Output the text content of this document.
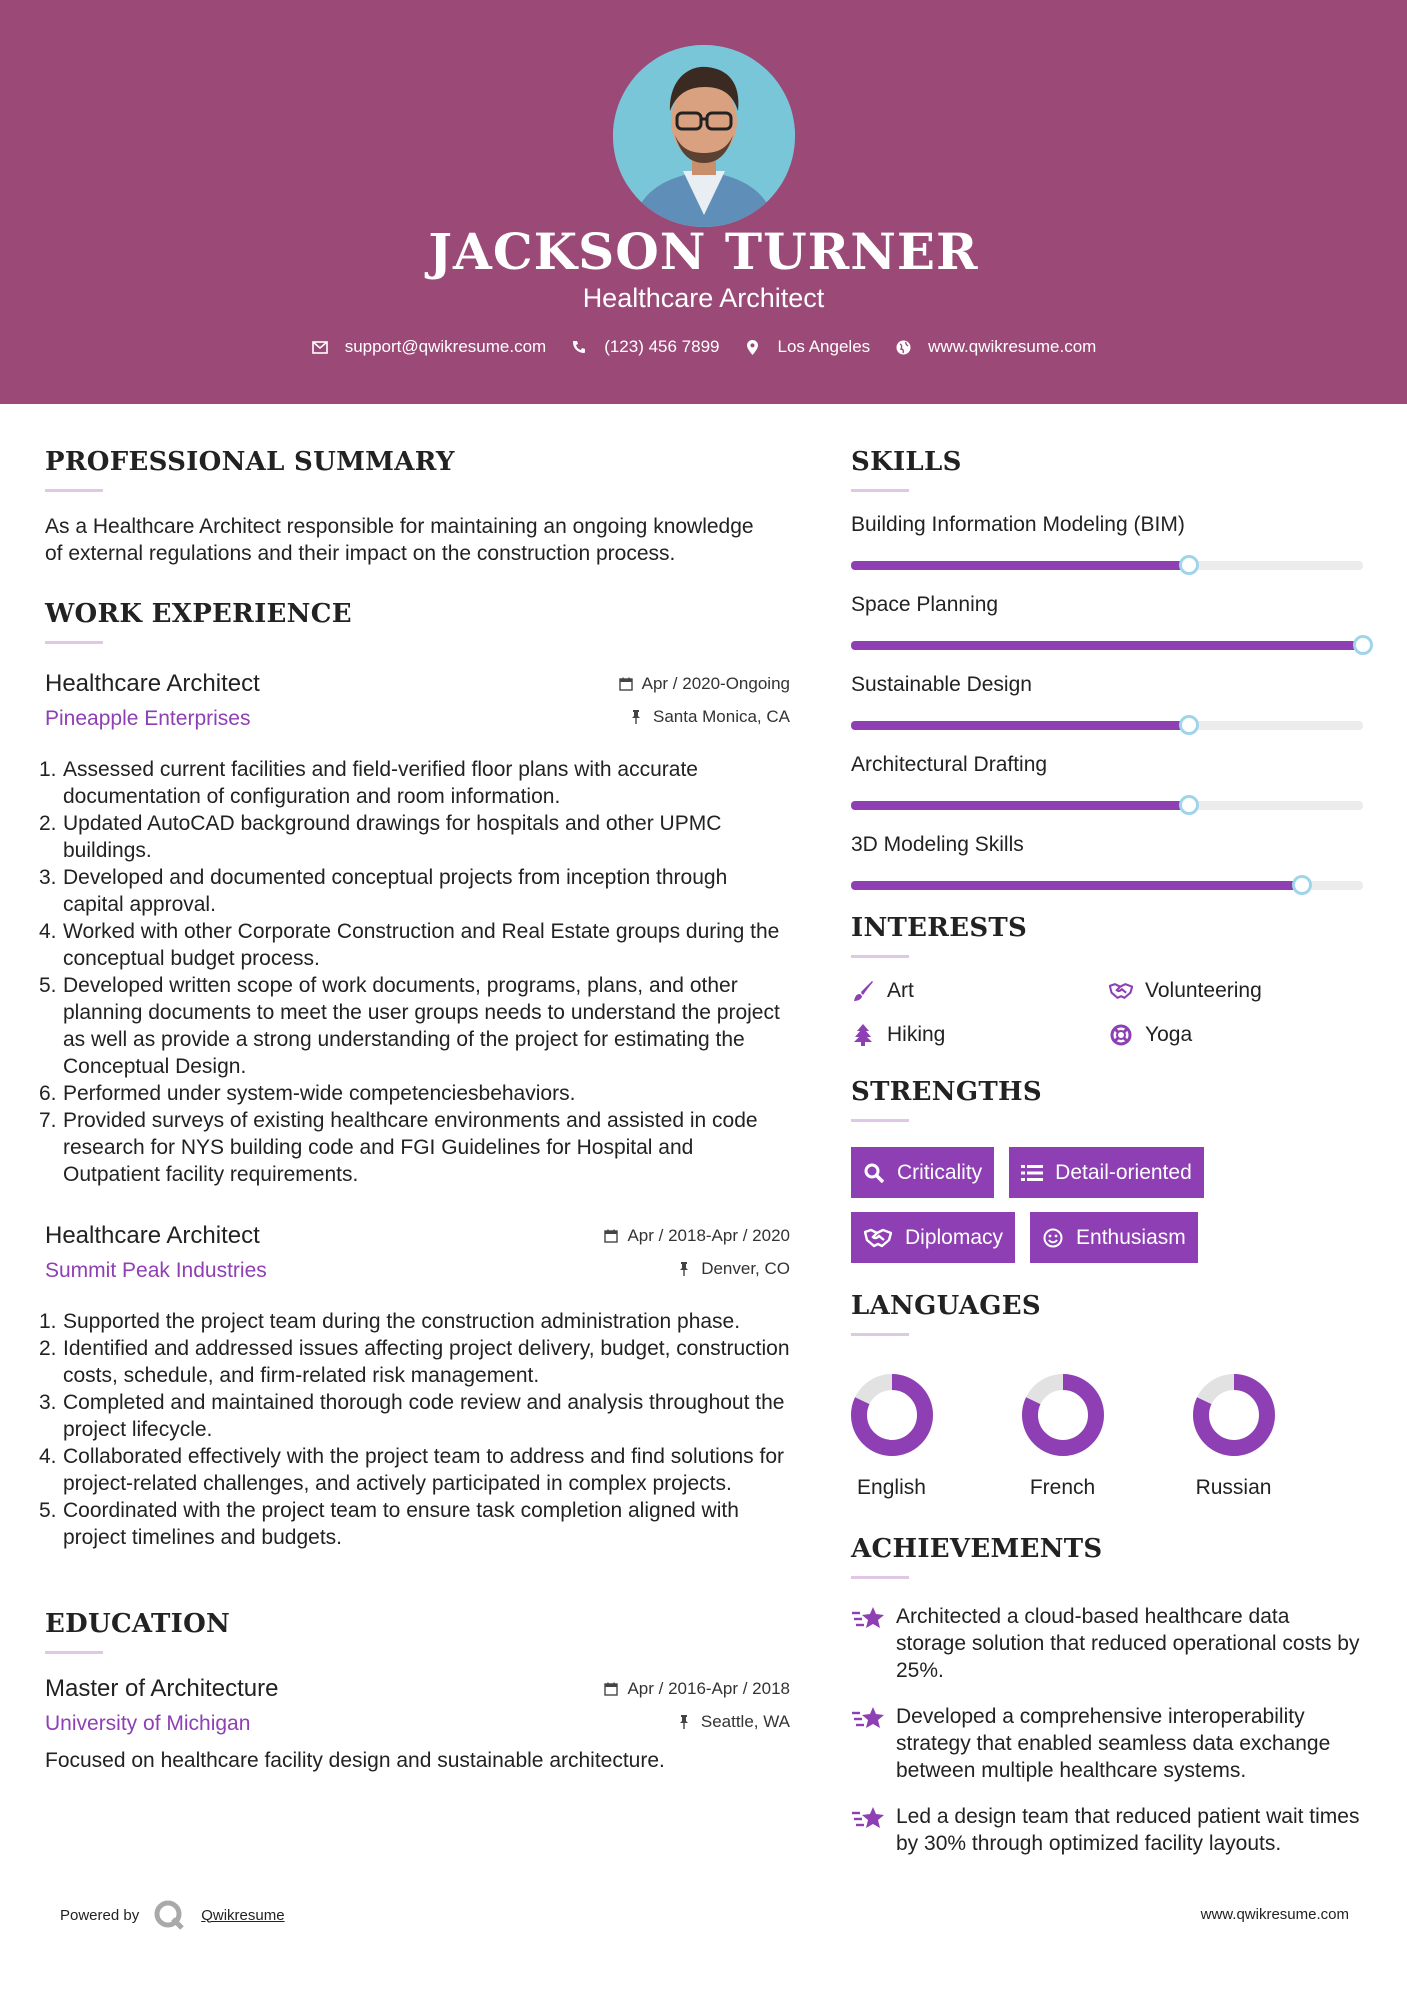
JACKSON TURNER
Healthcare Architect
support@qwikresume.com	(123) 456 7899	Los Angeles	www.qwikresume.com
PROFESSIONAL SUMMARY

As a Healthcare Architect responsible for maintaining an ongoing knowledge of external regulations and their impact on the construction process.

WORK EXPERIENCE
Healthcare Architect
Pineapple Enterprises
Apr / 2020-Ongoing
Santa Monica, CA
1. Assessed current facilities and field-verified floor plans with accurate documentation of configuration and room information.
2. Updated AutoCAD background drawings for hospitals and other UPMC buildings.
3. Developed and documented conceptual projects from inception through capital approval.
4. Worked with other Corporate Construction and Real Estate groups during the conceptual budget process.
5. Developed written scope of work documents, programs, plans, and other planning documents to meet the user groups needs to understand the project as well as provide a strong understanding of the project for estimating the Conceptual Design.
6. Performed under system-wide competenciesbehaviors.
7. Provided surveys of existing healthcare environments and assisted in code research for NYS building code and FGI Guidelines for Hospital and Outpatient facility requirements.
Healthcare Architect
Summit Peak Industries
Apr / 2018-Apr / 2020
Denver, CO
1. Supported the project team during the construction administration phase.
2. Identified and addressed issues affecting project delivery, budget, construction costs, schedule, and firm-related risk management.
3. Completed and maintained thorough code review and analysis throughout the project lifecycle.
4. Collaborated effectively with the project team to address and find solutions for project-related challenges, and actively participated in complex projects.
5. Coordinated with the project team to ensure task completion aligned with project timelines and budgets.
EDUCATION
Master of Architecture
University of Michigan
Apr / 2016-Apr / 2018
Seattle, WA

Focused on healthcare facility design and sustainable architecture.

SKILLS
Building Information Modeling (BIM)
Space Planning
Sustainable Design
Architectural Drafting
3D Modeling Skills
INTERESTS
Art	Volunteering
Hiking	Yoga
STRENGTHS
Criticality	Detail-oriented
Diplomacy	Enthusiasm
LANGUAGES
English	French	Russian
ACHIEVEMENTS
Architected a cloud-based healthcare data storage solution that reduced operational costs by 25%.
Developed a comprehensive interoperability strategy that enabled seamless data exchange between multiple healthcare systems.
Led a design team that reduced patient wait times by 30% through optimized facility layouts.
Powered by	Qwikresume	www.qwikresume.com
